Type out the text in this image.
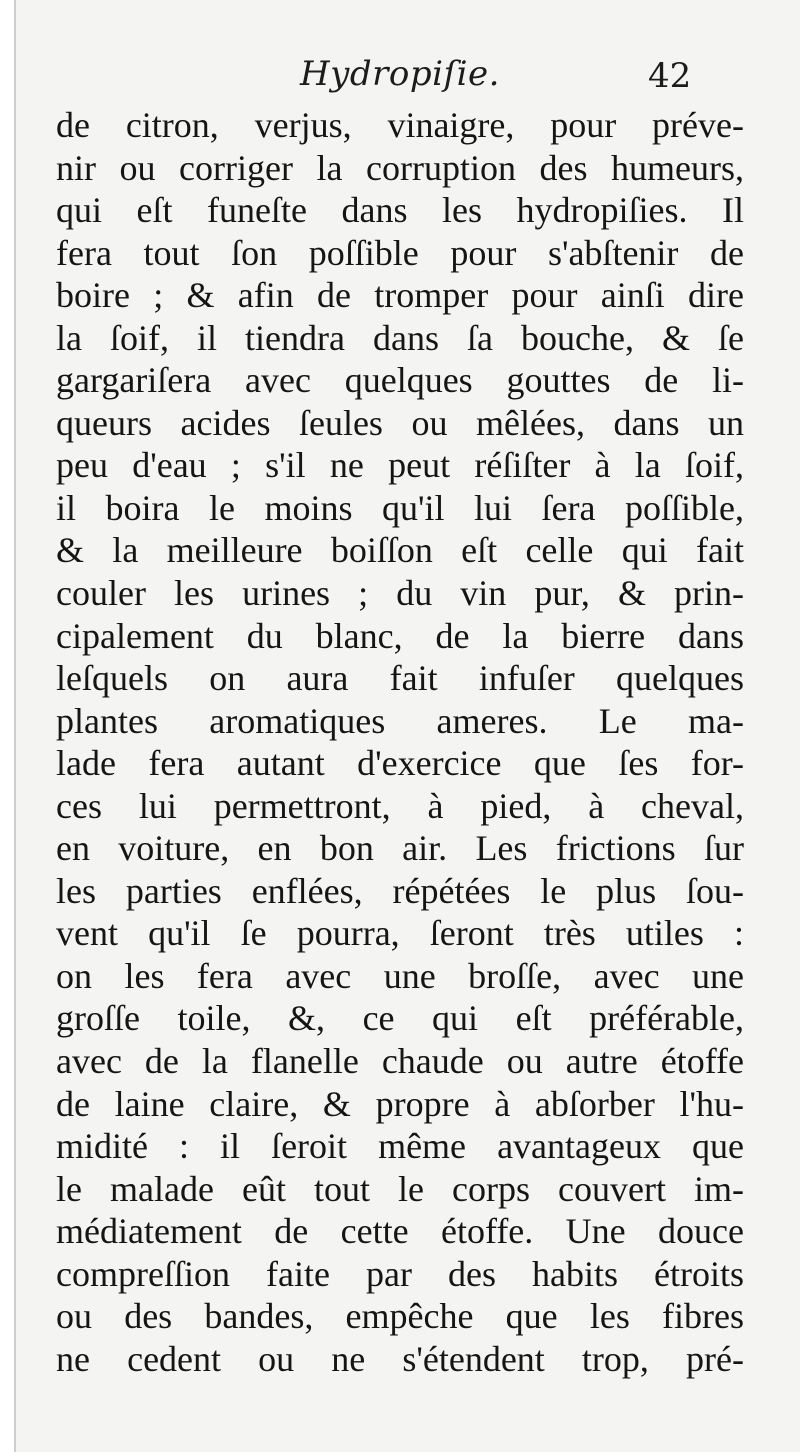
Hydropiſie.	42
de citron, verjus, vinaigre, pour préve-
nir ou corriger la corruption des humeurs,
qui eſt funeſte dans les hydropiſies. Il
fera tout ſon poſſible pour s'abſtenir de
boire ; & afin de tromper pour ainſi dire
la ſoif, il tiendra dans ſa bouche, & ſe
gargariſera avec quelques gouttes de li-
queurs acides ſeules ou mêlées, dans un
peu d'eau ; s'il ne peut réſiſter à la ſoif,
il boira le moins qu'il lui ſera poſſible,
& la meilleure boiſſon eſt celle qui fait
couler les urines ; du vin pur, & prin-
cipalement du blanc, de la bierre dans
leſquels on aura fait infuſer quelques
plantes aromatiques ameres. Le ma-
lade fera autant d'exercice que ſes for-
ces lui permettront, à pied, à cheval,
en voiture, en bon air. Les frictions ſur
les parties enflées, répétées le plus ſou-
vent qu'il ſe pourra, ſeront très utiles :
on les fera avec une broſſe, avec une
groſſe toile, &, ce qui eſt préférable,
avec de la flanelle chaude ou autre étoffe
de laine claire, & propre à abſorber l'hu-
midité : il ſeroit même avantageux que
le malade eût tout le corps couvert im-
médiatement de cette étoffe. Une douce
compreſſion faite par des habits étroits
ou des bandes, empêche que les fibres
ne cedent ou ne s'étendent trop, pré-
